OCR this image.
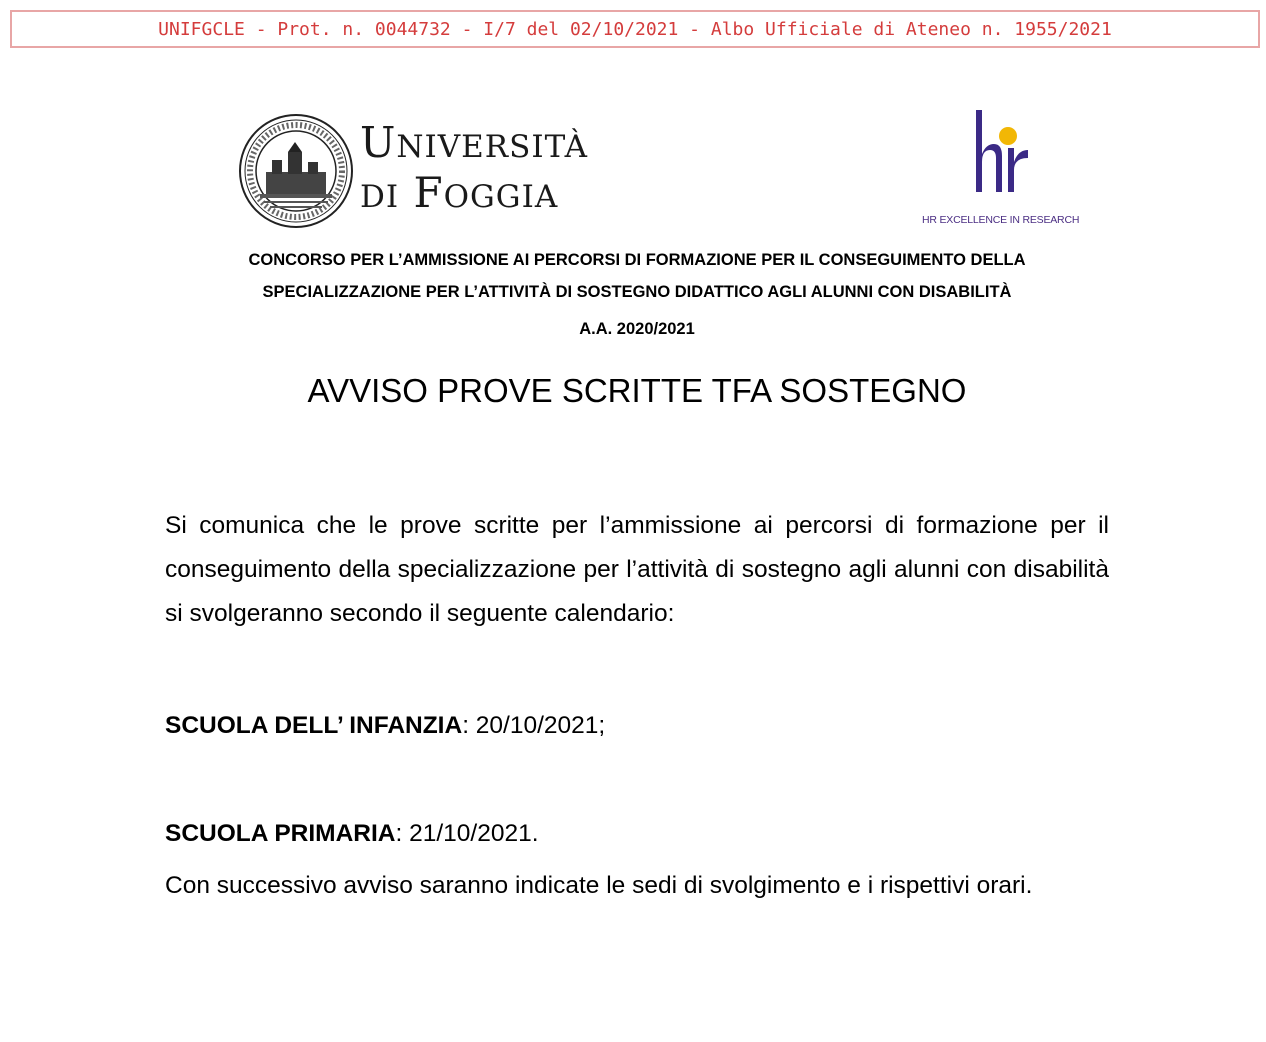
UNIFGCLE - Prot. n. 0044732 - I/7 del 02/10/2021 - Albo Ufficiale di Ateneo n. 1955/2021
UNIVERSITÀ
DI FOGGIA
HR EXCELLENCE IN RESEARCH
CONCORSO PER L’AMMISSIONE AI PERCORSI DI FORMAZIONE PER IL CONSEGUIMENTO DELLA
SPECIALIZZAZIONE PER L’ATTIVITÀ DI SOSTEGNO DIDATTICO AGLI ALUNNI CON DISABILITÀ
A.A. 2020/2021
AVVISO PROVE SCRITTE TFA SOSTEGNO
Si comunica che le prove scritte per l’ammissione ai percorsi di formazione per il conseguimento della specializzazione per l’attività di sostegno agli alunni con disabilità si svolgeranno secondo il seguente calendario:
SCUOLA DELL’ INFANZIA: 20/10/2021;
SCUOLA PRIMARIA: 21/10/2021.
Con successivo avviso saranno indicate le sedi di svolgimento e i rispettivi orari.
